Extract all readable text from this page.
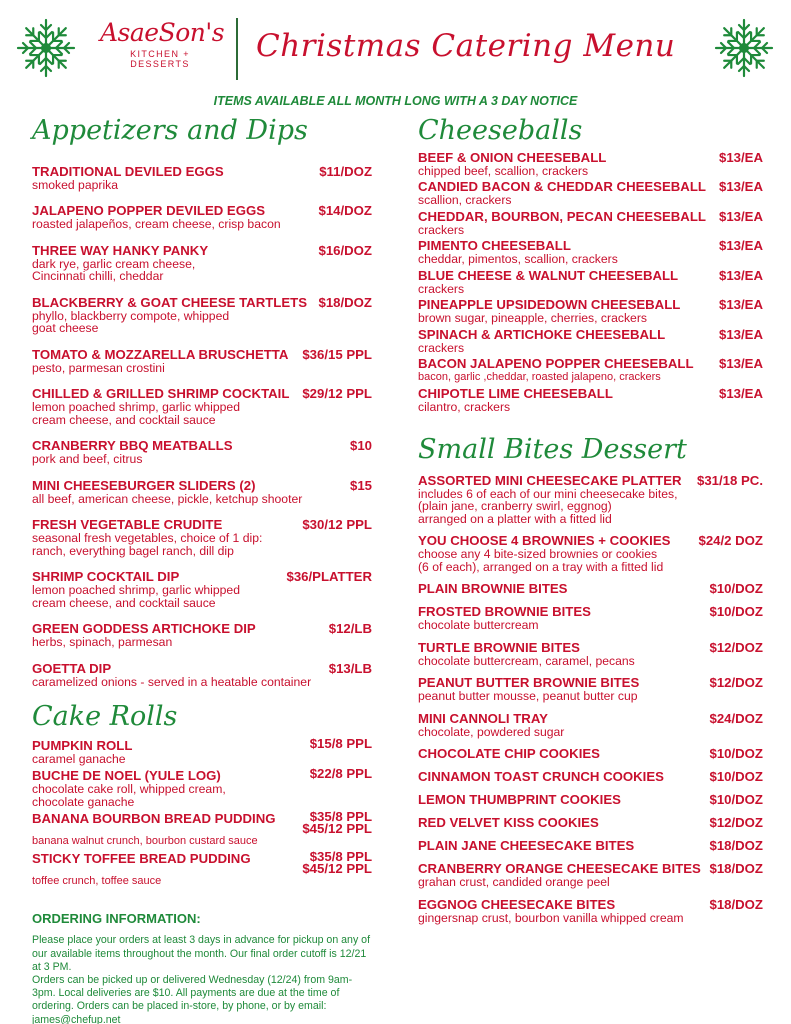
AsaeSon's
KITCHEN + DESSERTS	Christmas Catering Menu
ITEMS AVAILABLE ALL MONTH LONG WITH A 3 DAY NOTICE
Appetizers and Dips
TRADITIONAL DEVILED EGGS	$11/DOZ
smoked paprika
JALAPENO POPPER DEVILED EGGS	$14/DOZ
roasted jalapeños, cream cheese, crisp bacon
THREE WAY HANKY PANKY	$16/DOZ
dark rye, garlic cream cheese,
Cincinnati chilli, cheddar
BLACKBERRY & GOAT CHEESE TARTLETS $18/DOZ
phyllo, blackberry compote, whipped
goat cheese
TOMATO & MOZZARELLA BRUSCHETTA $36/15 PPL
pesto, parmesan crostini
CHILLED & GRILLED SHRIMP COCKTAIL $29/12 PPL
lemon poached shrimp, garlic whipped
cream cheese, and cocktail sauce
CRANBERRY BBQ MEATBALLS	$10
pork and beef, citrus
MINI CHEESEBURGER SLIDERS (2)	$15
all beef, american cheese, pickle, ketchup shooter
FRESH VEGETABLE CRUDITE	$30/12 PPL
seasonal fresh vegetables, choice of 1 dip:
ranch, everything bagel ranch, dill dip
SHRIMP COCKTAIL DIP	$36/PLATTER
lemon poached shrimp, garlic whipped
cream cheese, and cocktail sauce
GREEN GODDESS ARTICHOKE DIP	$12/LB
herbs, spinach, parmesan
GOETTA DIP	$13/LB
caramelized onions - served in a heatable container
Cake Rolls
PUMPKIN ROLL	$15/8 PPL
caramel ganache
BUCHE DE NOEL (YULE LOG)	$22/8 PPL
chocolate cake roll, whipped cream,
chocolate ganache
BANANA BOURBON BREAD PUDDING	$35/8 PPL
$45/12 PPL
banana walnut crunch, bourbon custard sauce
STICKY TOFFEE BREAD PUDDING	$35/8 PPL
$45/12 PPL
toffee crunch, toffee sauce
ORDERING INFORMATION:
Please place your orders at least 3 days in advance for pickup on any of our available items throughout the month. Our final order cutoff is 12/21 at 3 PM.
Orders can be picked up or delivered Wednesday (12/24) from 9am-3pm. Local deliveries are $10. All payments are due at the time of ordering. Orders can be placed in-store, by phone, or by email: james@chefup.net
Cheeseballs
BEEF & ONION CHEESEBALL	$13/EA
chipped beef, scallion, crackers
CANDIED BACON & CHEDDAR CHEESEBALL $13/EA
scallion, crackers
CHEDDAR, BOURBON, PECAN CHEESEBALL $13/EA
crackers
PIMENTO CHEESEBALL	$13/EA
cheddar, pimentos, scallion, crackers
BLUE CHEESE & WALNUT CHEESEBALL	$13/EA
crackers
PINEAPPLE UPSIDEDOWN CHEESEBALL	$13/EA
brown sugar, pineapple, cherries, crackers
SPINACH & ARTICHOKE CHEESEBALL	$13/EA
crackers
BACON JALAPENO POPPER CHEESEBALL $13/EA
bacon, garlic ,cheddar, roasted jalapeno, crackers
CHIPOTLE LIME CHEESEBALL	$13/EA
cilantro, crackers
Small Bites Dessert
ASSORTED MINI CHEESECAKE PLATTER $31/18 PC.
includes 6 of each of our mini cheesecake bites,
(plain jane, cranberry swirl, eggnog)
arranged on a platter with a fitted lid
YOU CHOOSE 4 BROWNIES + COOKIES $24/2 DOZ
choose any 4 bite-sized brownies or cookies
(6 of each), arranged on a tray with a fitted lid
PLAIN BROWNIE BITES	$10/DOZ
FROSTED BROWNIE BITES	$10/DOZ
chocolate buttercream
TURTLE BROWNIE BITES	$12/DOZ
chocolate buttercream, caramel, pecans
PEANUT BUTTER BROWNIE BITES	$12/DOZ
peanut butter mousse, peanut butter cup
MINI CANNOLI TRAY	$24/DOZ
chocolate, powdered sugar
CHOCOLATE CHIP COOKIES	$10/DOZ
CINNAMON TOAST CRUNCH COOKIES	$10/DOZ
LEMON THUMBPRINT COOKIES	$10/DOZ
RED VELVET KISS COOKIES	$12/DOZ
PLAIN JANE CHEESECAKE BITES	$18/DOZ
CRANBERRY ORANGE CHEESECAKE BITES $18/DOZ
grahan crust, candided orange peel
EGGNOG CHEESECAKE BITES	$18/DOZ
gingersnap crust, bourbon vanilla whipped cream
